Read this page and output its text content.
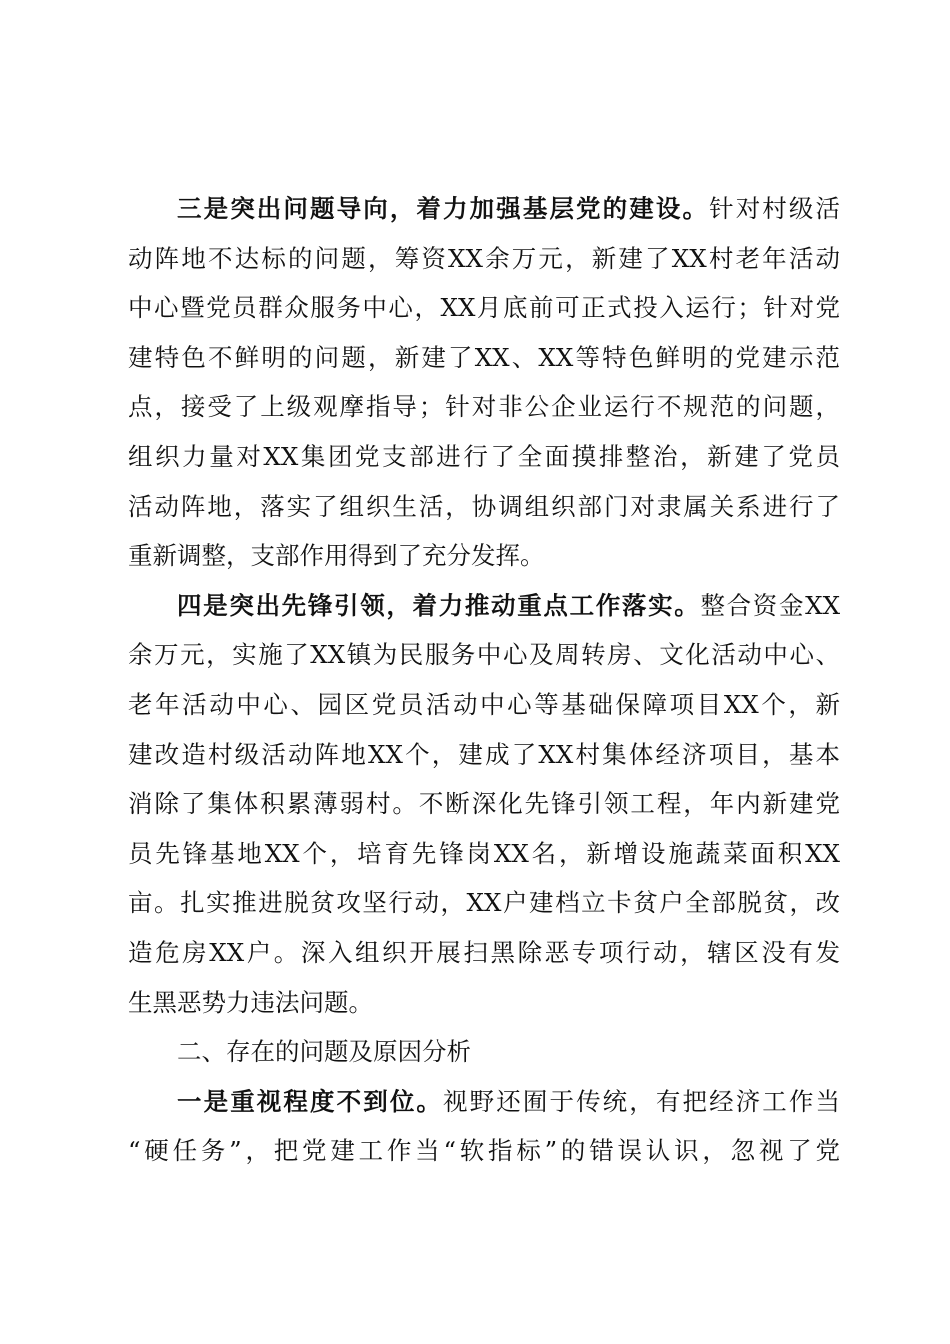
三是突出问题导向，着力加强基层党的建设。针对村级活
动阵地不达标的问题，筹资XX余万元，新建了XX村老年活动
中心暨党员群众服务中心，XX月底前可正式投入运行；针对党
建特色不鲜明的问题，新建了XX、XX等特色鲜明的党建示范
点，接受了上级观摩指导；针对非公企业运行不规范的问题，
组织力量对XX集团党支部进行了全面摸排整治，新建了党员
活动阵地，落实了组织生活，协调组织部门对隶属关系进行了
重新调整，支部作用得到了充分发挥。
四是突出先锋引领，着力推动重点工作落实。整合资金XX
余万元，实施了XX镇为民服务中心及周转房、文化活动中心、
老年活动中心、园区党员活动中心等基础保障项目XX个，新
建改造村级活动阵地XX个，建成了XX村集体经济项目，基本
消除了集体积累薄弱村。不断深化先锋引领工程，年内新建党
员先锋基地XX个，培育先锋岗XX名，新增设施蔬菜面积XX
亩。扎实推进脱贫攻坚行动，XX户建档立卡贫户全部脱贫，改
造危房XX户。深入组织开展扫黑除恶专项行动，辖区没有发
生黑恶势力违法问题。
二、存在的问题及原因分析
一是重视程度不到位。视野还囿于传统，有把经济工作当
“硬任务”，把党建工作当“软指标”的错误认识，忽视了党
